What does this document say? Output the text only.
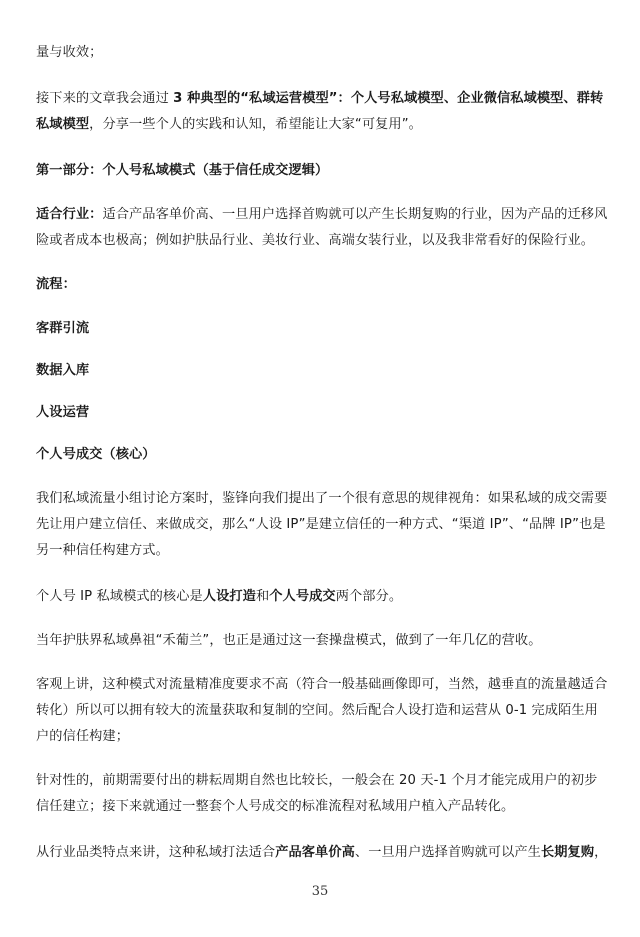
量与收效；

接下来的文章我会通过 3 种典型的“私域运营模型”：个人号私域模型、企业微信私域模型、群转私域模型，分享一些个人的实践和认知，希望能让大家“可复用”。

第一部分：个人号私域模式（基于信任成交逻辑）

适合行业：适合产品客单价高、一旦用户选择首购就可以产生长期复购的行业，因为产品的迁移风险或者成本也极高；例如护肤品行业、美妆行业、高端女装行业，以及我非常看好的保险行业。

流程：

客群引流

数据入库

人设运营

个人号成交（核心）

我们私域流量小组讨论方案时，鉴锋向我们提出了一个很有意思的规律视角：如果私域的成交需要先让用户建立信任、来做成交，那么“人设 IP”是建立信任的一种方式、“渠道 IP”、“品牌 IP”也是另一种信任构建方式。

个人号 IP 私域模式的核心是人设打造和个人号成交两个部分。

当年护肤界私域鼻祖“禾葡兰”，也正是通过这一套操盘模式，做到了一年几亿的营收。

客观上讲，这种模式对流量精准度要求不高（符合一般基础画像即可，当然，越垂直的流量越适合转化）所以可以拥有较大的流量获取和复制的空间。然后配合人设打造和运营从 0-1 完成陌生用户的信任构建；

针对性的，前期需要付出的耕耘周期自然也比较长，一般会在 20 天-1 个月才能完成用户的初步信任建立；接下来就通过一整套个人号成交的标准流程对私域用户植入产品转化。

从行业品类特点来讲，这种私域打法适合产品客单价高、一旦用户选择首购就可以产生长期复购，

35
